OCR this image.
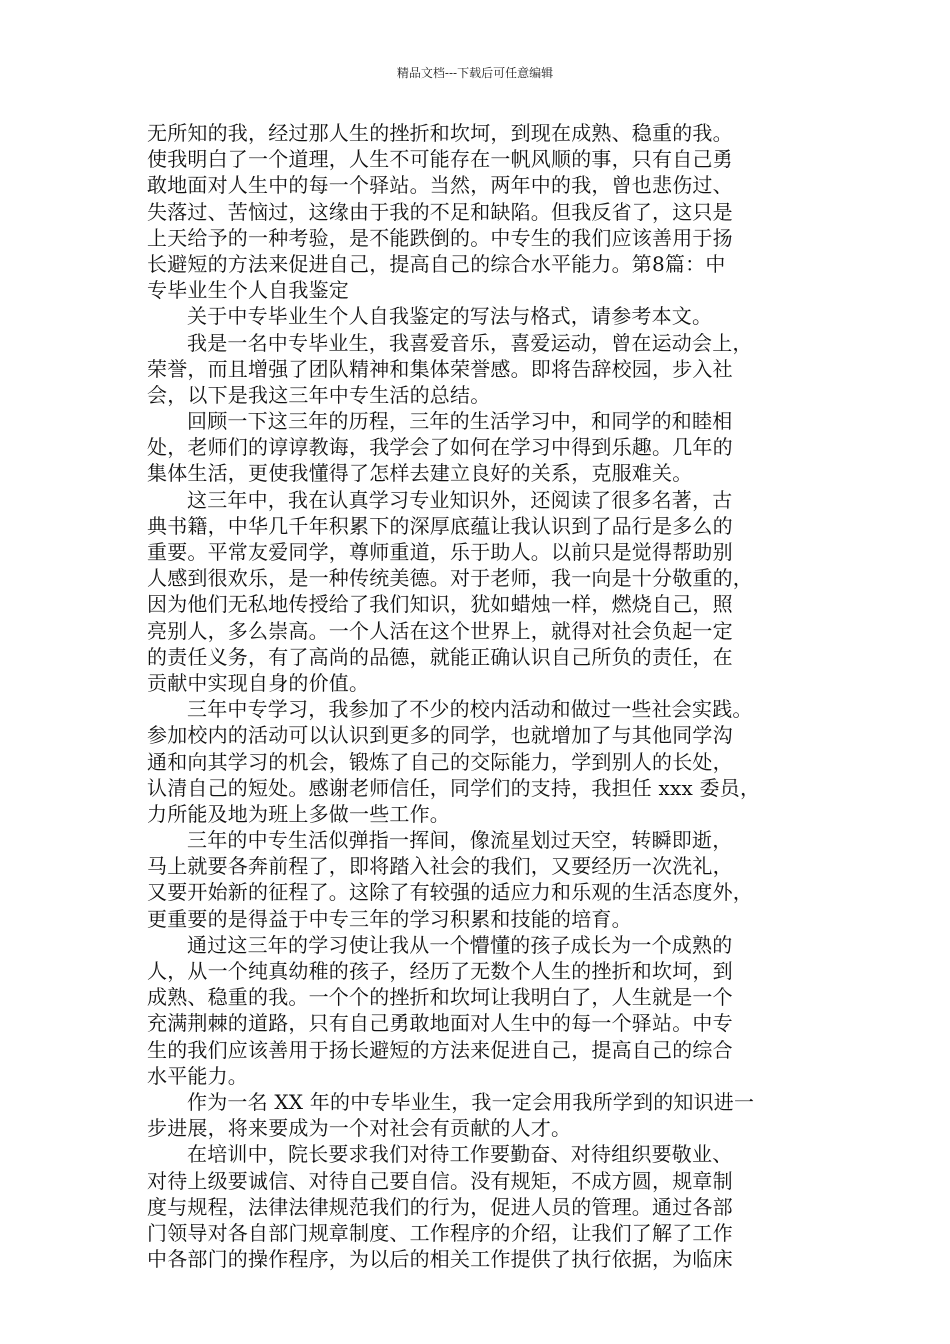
精品文档---下载后可任意编辑
无所知的我，经过那人生的挫折和坎坷，到现在成熟、稳重的我。
使我明白了一个道理，人生不可能存在一帆风顺的事，只有自己勇
敢地面对人生中的每一个驿站。当然，两年中的我，曾也悲伤过、
失落过、苦恼过，这缘由于我的不足和缺陷。但我反省了，这只是
上天给予的一种考验，是不能跌倒的。中专生的我们应该善用于扬
长避短的方法来促进自己，提高自己的综合水平能力。第8篇：中
专毕业生个人自我鉴定
关于中专毕业生个人自我鉴定的写法与格式，请参考本文。
我是一名中专毕业生，我喜爱音乐，喜爱运动，曾在运动会上，
荣誉，而且增强了团队精神和集体荣誉感。即将告辞校园，步入社
会，以下是我这三年中专生活的总结。
回顾一下这三年的历程，三年的生活学习中，和同学的和睦相
处，老师们的谆谆教诲，我学会了如何在学习中得到乐趣。几年的
集体生活，更使我懂得了怎样去建立良好的关系，克服难关。
这三年中，我在认真学习专业知识外，还阅读了很多名著，古
典书籍，中华几千年积累下的深厚底蕴让我认识到了品行是多么的
重要。平常友爱同学，尊师重道，乐于助人。以前只是觉得帮助别
人感到很欢乐，是一种传统美德。对于老师，我一向是十分敬重的，
因为他们无私地传授给了我们知识，犹如蜡烛一样，燃烧自己，照
亮别人，多么崇高。一个人活在这个世界上，就得对社会负起一定
的责任义务，有了高尚的品德，就能正确认识自己所负的责任，在
贡献中实现自身的价值。
三年中专学习，我参加了不少的校内活动和做过一些社会实践。
参加校内的活动可以认识到更多的同学，也就增加了与其他同学沟
通和向其学习的机会，锻炼了自己的交际能力，学到别人的长处，
认清自己的短处。感谢老师信任，同学们的支持，我担任 xxx 委员，
力所能及地为班上多做一些工作。
三年的中专生活似弹指一挥间，像流星划过天空，转瞬即逝，
马上就要各奔前程了，即将踏入社会的我们，又要经历一次洗礼，
又要开始新的征程了。这除了有较强的适应力和乐观的生活态度外，
更重要的是得益于中专三年的学习积累和技能的培育。
通过这三年的学习使让我从一个懵懂的孩子成长为一个成熟的
人，从一个纯真幼稚的孩子，经历了无数个人生的挫折和坎坷，到
成熟、稳重的我。一个个的挫折和坎坷让我明白了，人生就是一个
充满荆棘的道路，只有自己勇敢地面对人生中的每一个驿站。中专
生的我们应该善用于扬长避短的方法来促进自己，提高自己的综合
水平能力。
作为一名 XX 年的中专毕业生，我一定会用我所学到的知识进一
步进展，将来要成为一个对社会有贡献的人才。
在培训中，院长要求我们对待工作要勤奋、对待组织要敬业、
对待上级要诚信、对待自己要自信。没有规矩，不成方圆，规章制
度与规程，法律法律规范我们的行为，促进人员的管理。通过各部
门领导对各自部门规章制度、工作程序的介绍，让我们了解了工作
中各部门的操作程序，为以后的相关工作提供了执行依据，为临床
